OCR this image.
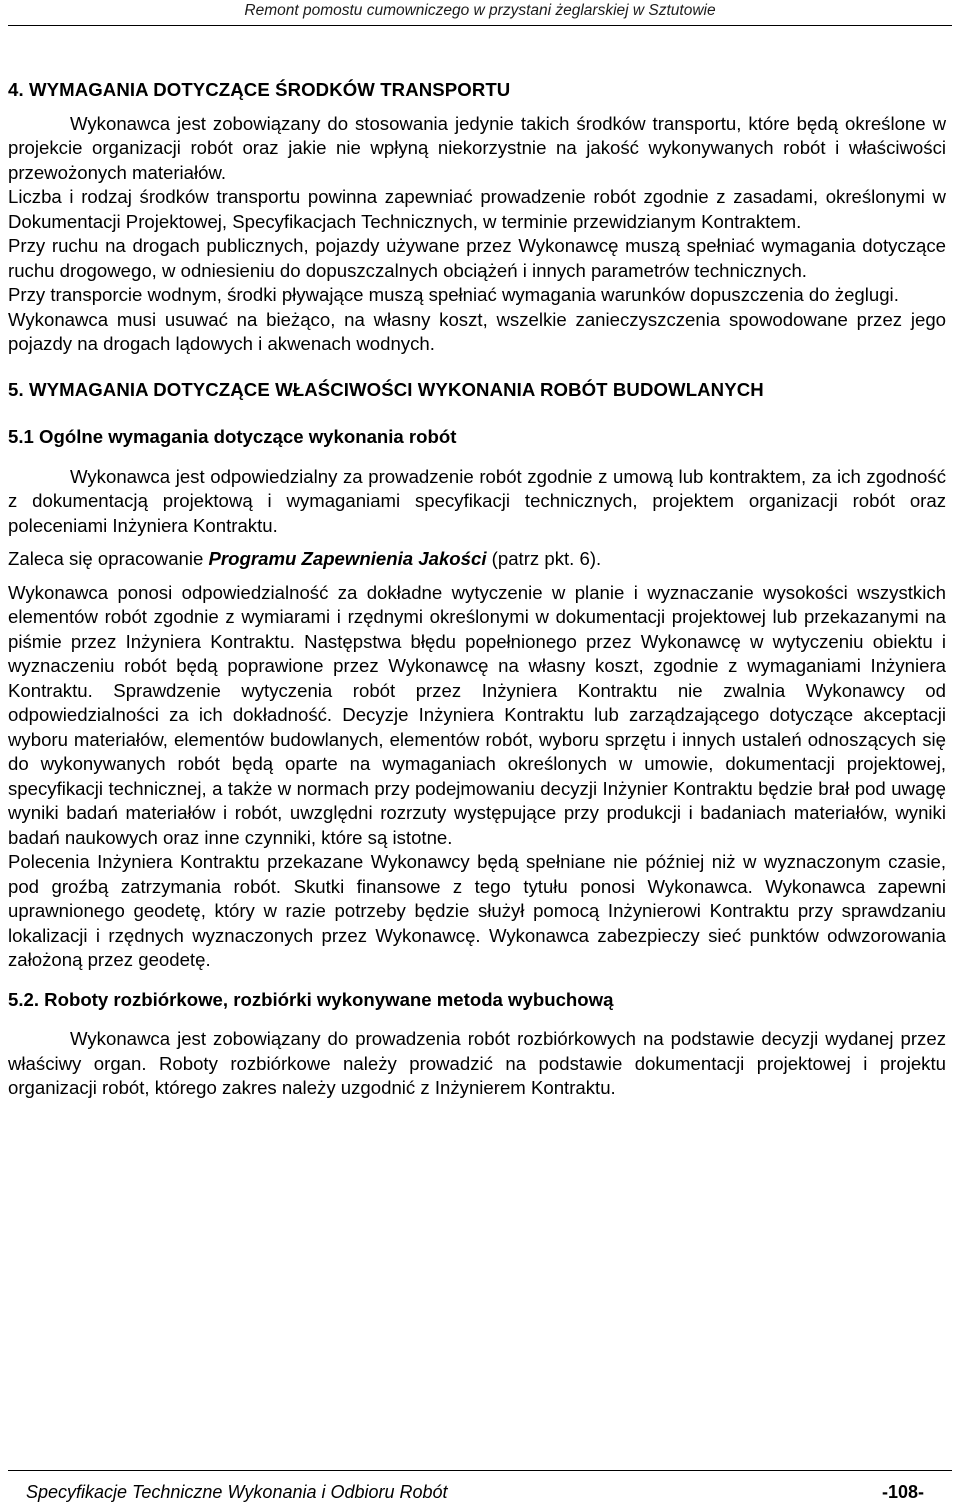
Remont pomostu cumowniczego w przystani żeglarskiej w Sztutowie

4. WYMAGANIA DOTYCZĄCE ŚRODKÓW TRANSPORTU

Wykonawca jest zobowiązany do stosowania jedynie takich środków transportu, które będą określone w projekcie organizacji robót oraz jakie nie wpłyną niekorzystnie na jakość wykonywanych robót i właściwości przewożonych materiałów.

Liczba i rodzaj środków transportu powinna zapewniać prowadzenie robót zgodnie z zasadami, określonymi w Dokumentacji Projektowej, Specyfikacjach Technicznych, w terminie przewidzianym Kontraktem.

Przy ruchu na drogach publicznych, pojazdy używane przez Wykonawcę muszą spełniać wymagania dotyczące ruchu drogowego, w odniesieniu do dopuszczalnych obciążeń i innych parametrów technicznych.

Przy transporcie wodnym, środki pływające muszą spełniać wymagania warunków dopuszczenia do żeglugi.

Wykonawca musi usuwać na bieżąco, na własny koszt, wszelkie zanieczyszczenia spowodowane przez jego pojazdy na drogach lądowych i akwenach wodnych.

5. WYMAGANIA DOTYCZĄCE WŁAŚCIWOŚCI WYKONANIA ROBÓT BUDOWLANYCH

5.1 Ogólne wymagania dotyczące wykonania robót

Wykonawca jest odpowiedzialny za prowadzenie robót zgodnie z umową lub kontraktem, za ich zgodność z dokumentacją projektową i wymaganiami specyfikacji technicznych, projektem organizacji robót oraz poleceniami Inżyniera Kontraktu.

Zaleca się opracowanie Programu Zapewnienia Jakości (patrz pkt. 6).

Wykonawca ponosi odpowiedzialność za dokładne wytyczenie w planie i wyznaczanie wysokości wszystkich elementów robót zgodnie z wymiarami i rzędnymi określonymi w dokumentacji projektowej lub przekazanymi na piśmie przez Inżyniera Kontraktu. Następstwa błędu popełnionego przez Wykonawcę w wytyczeniu obiektu i wyznaczeniu robót będą poprawione przez Wykonawcę na własny koszt, zgodnie z wymaganiami Inżyniera Kontraktu. Sprawdzenie wytyczenia robót przez Inżyniera Kontraktu nie zwalnia Wykonawcy od odpowiedzialności za ich dokładność. Decyzje Inżyniera Kontraktu lub zarządzającego dotyczące akceptacji wyboru materiałów, elementów budowlanych, elementów robót, wyboru sprzętu i innych ustaleń odnoszących się do wykonywanych robót będą oparte na wymaganiach określonych w umowie, dokumentacji projektowej, specyfikacji technicznej, a także w normach przy podejmowaniu decyzji Inżynier Kontraktu będzie brał pod uwagę wyniki badań materiałów i robót, uwzględni rozrzuty występujące przy produkcji i badaniach materiałów, wyniki badań naukowych oraz inne czynniki, które są istotne.

Polecenia Inżyniera Kontraktu przekazane Wykonawcy będą spełniane nie później niż w wyznaczonym czasie, pod groźbą zatrzymania robót. Skutki finansowe z tego tytułu ponosi Wykonawca. Wykonawca zapewni uprawnionego geodetę, który w razie potrzeby będzie służył pomocą Inżynierowi Kontraktu przy sprawdzaniu lokalizacji i rzędnych wyznaczonych przez Wykonawcę. Wykonawca zabezpieczy sieć punktów odwzorowania założoną przez geodetę.

5.2. Roboty rozbiórkowe, rozbiórki wykonywane metoda wybuchową

Wykonawca jest zobowiązany do prowadzenia robót rozbiórkowych na podstawie decyzji wydanej przez właściwy organ. Roboty rozbiórkowe należy prowadzić na podstawie dokumentacji projektowej i projektu organizacji robót, którego zakres należy uzgodnić z Inżynierem Kontraktu.

Specyfikacje Techniczne Wykonania i Odbioru Robót	-108-
